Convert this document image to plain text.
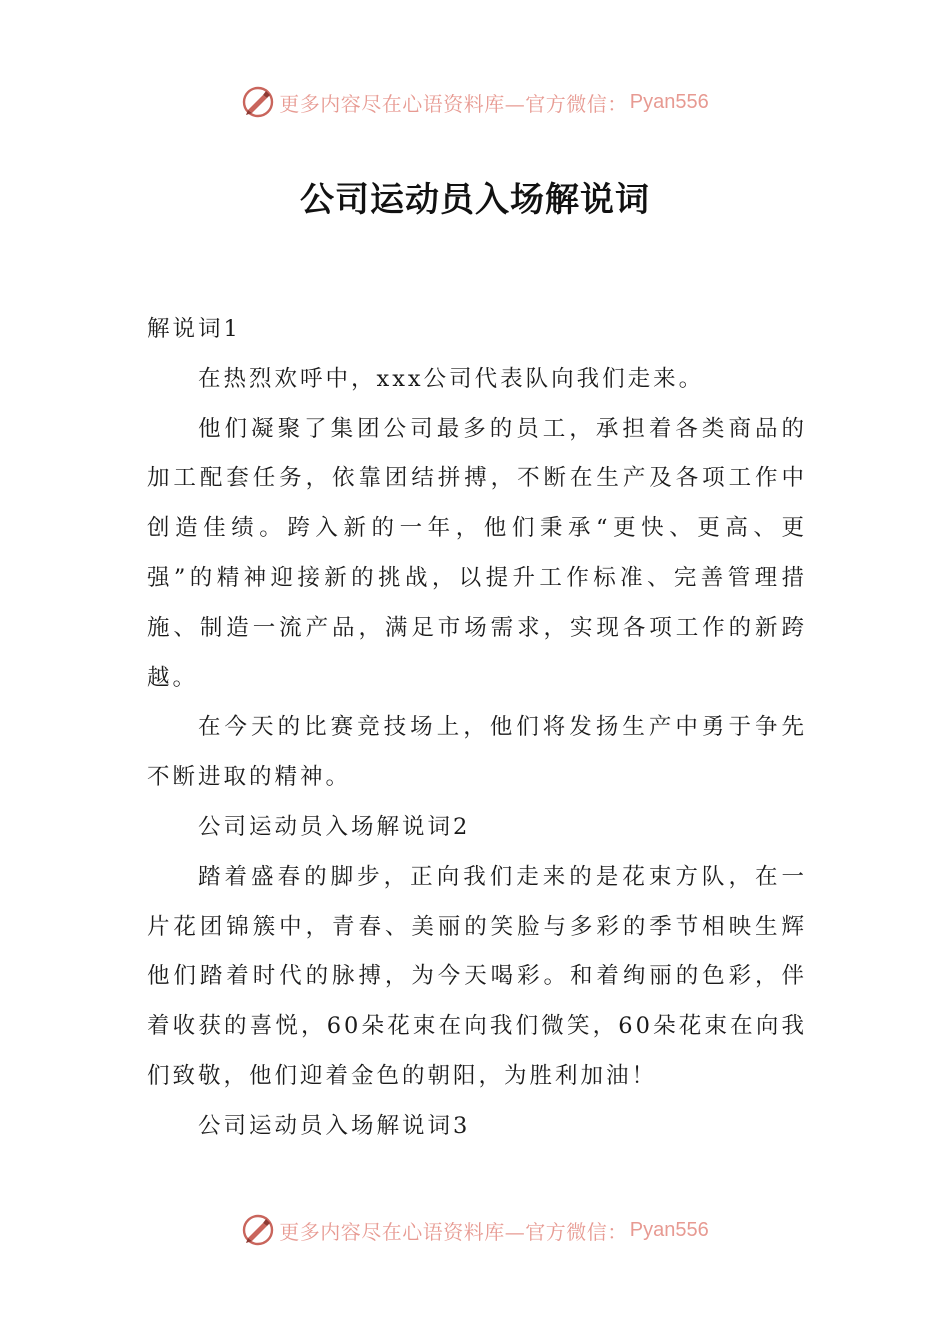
更多内容尽在心语资料库—官方微信： Pyan556
公司运动员入场解说词

解说词1

在热烈欢呼中，xxx公司代表队向我们走来。

他们凝聚了集团公司最多的员工，承担着各类商品的加工配套任务，依靠团结拼搏，不断在生产及各项工作中创造佳绩。跨入新的一年，他们秉承“更快、更高、更强”的精神迎接新的挑战，以提升工作标准、完善管理措施、制造一流产品，满足市场需求，实现各项工作的新跨越。

在今天的比赛竞技场上，他们将发扬生产中勇于争先不断进取的精神。

公司运动员入场解说词2

踏着盛春的脚步，正向我们走来的是花束方队，在一片花团锦簇中，青春、美丽的笑脸与多彩的季节相映生辉他们踏着时代的脉搏，为今天喝彩。和着绚丽的色彩，伴着收获的喜悦，60朵花束在向我们微笑，60朵花束在向我们致敬，他们迎着金色的朝阳，为胜利加油！

公司运动员入场解说词3

更多内容尽在心语资料库—官方微信： Pyan556
